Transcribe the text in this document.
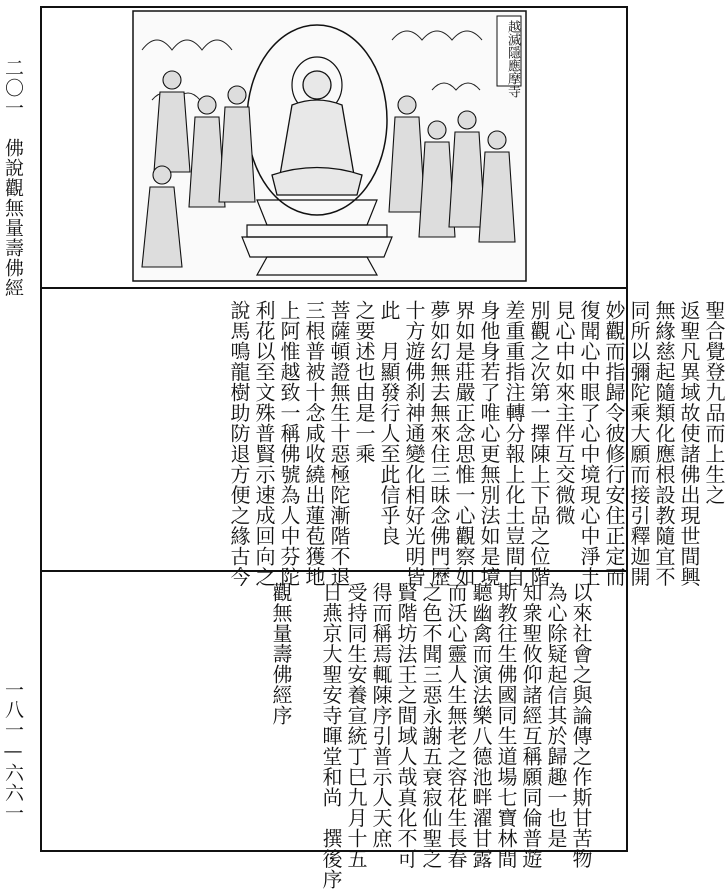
二〇一　佛說觀無量壽佛經
一八一—六六一
越滅隱應摩寺
聖合覺登九品而上生之
返聖凡異域故使諸佛出現世間興
無緣慈起隨類化應根設教隨宜不
同所以彌陀乘大願而接引釋迦開
妙觀而指歸令彼修行安住正定而
復聞心中眼了心中境現心中淨土
見心中如來主伴互交微微
別觀之次第一擇陳上下品之位階
差重重指注轉分報上化土豈間自
身他身若了唯心更無別法如是境
界如是莊嚴正念思惟一心觀察如
夢如幻無去無來住三昧念佛門歷
十方遊佛刹神通變化相好光明皆
此　月顯發行人至此信乎良
之要述也由是一乘
菩薩頓證無生十惡極陀漸階不退
三根普被十念咸收繞出蓮苞獲地
上阿惟越致一稱佛號為人中芬陀
利花以至文殊普賢示速成回向之
說馬鳴龍樹助防退方便之緣古今
以來社會之與論傳之作斯甘苦物
為心除疑起信其於歸趣一也是
知衆聖攸仰諸經互稱願同倫普遊
斯教往生佛國同生道場七寶林間
聽幽禽而演法樂八德池畔濯甘露
而沃心靈人生無老之容花生長春
之色不聞三惡永謝五衰寂仙聖之
賢階坊法王之間域人哉真化不可
得而稱焉輒陳序引普示人天庶
受持同生安養宣統丁巳九月十五
日燕京大聖安寺暉堂和尚　撰後序
觀無量壽佛經序
